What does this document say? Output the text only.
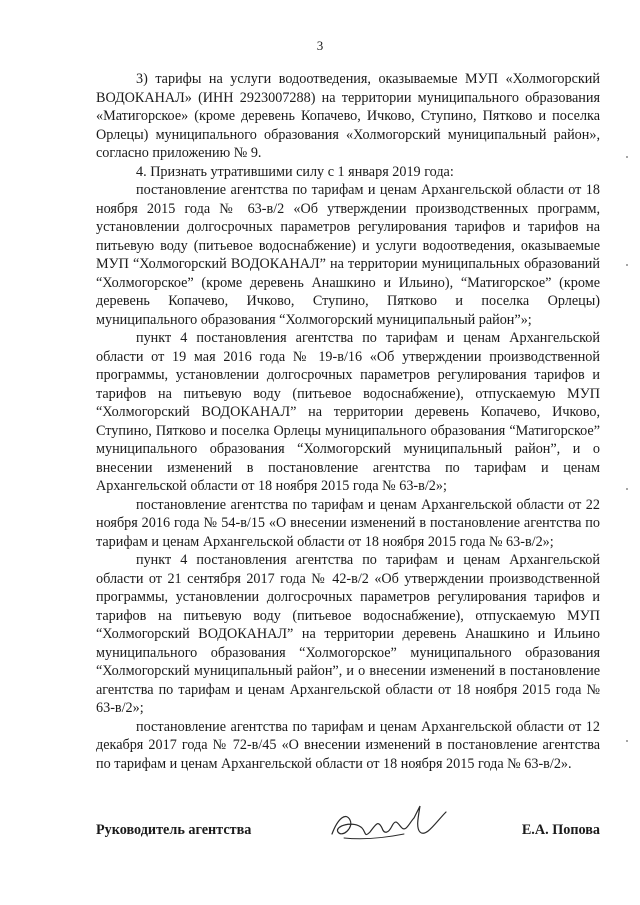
3

3) тарифы на услуги водоотведения, оказываемые МУП «Холмогорский ВОДОКАНАЛ» (ИНН 2923007288) на территории муниципального образования «Матигорское» (кроме деревень Копачево, Ичково, Ступино, Пятково и поселка Орлецы) муниципального образования «Холмогорский муниципальный район», согласно приложению № 9.

4. Признать утратившими силу с 1 января 2019 года:

постановление агентства по тарифам и ценам Архангельской области от 18 ноября 2015 года № 63-в/2 «Об утверждении производственных программ, установлении долгосрочных параметров регулирования тарифов и тарифов на питьевую воду (питьевое водоснабжение) и услуги водоотведения, оказываемые МУП “Холмогорский ВОДОКАНАЛ” на территории муниципальных образований “Холмогорское” (кроме деревень Анашкино и Ильино), “Матигорское” (кроме деревень Копачево, Ичково, Ступино, Пятково и поселка Орлецы) муниципального образования “Холмогорский муниципальный район”»;

пункт 4 постановления агентства по тарифам и ценам Архангельской области от 19 мая 2016 года № 19-в/16 «Об утверждении производственной программы, установлении долгосрочных параметров регулирования тарифов и тарифов на питьевую воду (питьевое водоснабжение), отпускаемую МУП “Холмогорский ВОДОКАНАЛ” на территории деревень Копачево, Ичково, Ступино, Пятково и поселка Орлецы муниципального образования “Матигорское” муниципального образования “Холмогорский муниципальный район”, и о внесении изменений в постановление агентства по тарифам и ценам Архангельской области от 18 ноября 2015 года № 63-в/2»;

постановление агентства по тарифам и ценам Архангельской области от 22 ноября 2016 года № 54-в/15 «О внесении изменений в постановление агентства по тарифам и ценам Архангельской области от 18 ноября 2015 года № 63-в/2»;

пункт 4 постановления агентства по тарифам и ценам Архангельской области от 21 сентября 2017 года № 42-в/2 «Об утверждении производственной программы, установлении долгосрочных параметров регулирования тарифов и тарифов на питьевую воду (питьевое водоснабжение), отпускаемую МУП “Холмогорский ВОДОКАНАЛ” на территории деревень Анашкино и Ильино муниципального образования “Холмогорское” муниципального образования “Холмогорский муниципальный район”, и о внесении изменений в постановление агентства по тарифам и ценам Архангельской области от 18 ноября 2015 года № 63-в/2»;

постановление агентства по тарифам и ценам Архангельской области от 12 декабря 2017 года № 72-в/45 «О внесении изменений в постановление агентства по тарифам и ценам Архангельской области от 18 ноября 2015 года № 63-в/2».

Руководитель агентства	Е.А. Попова
